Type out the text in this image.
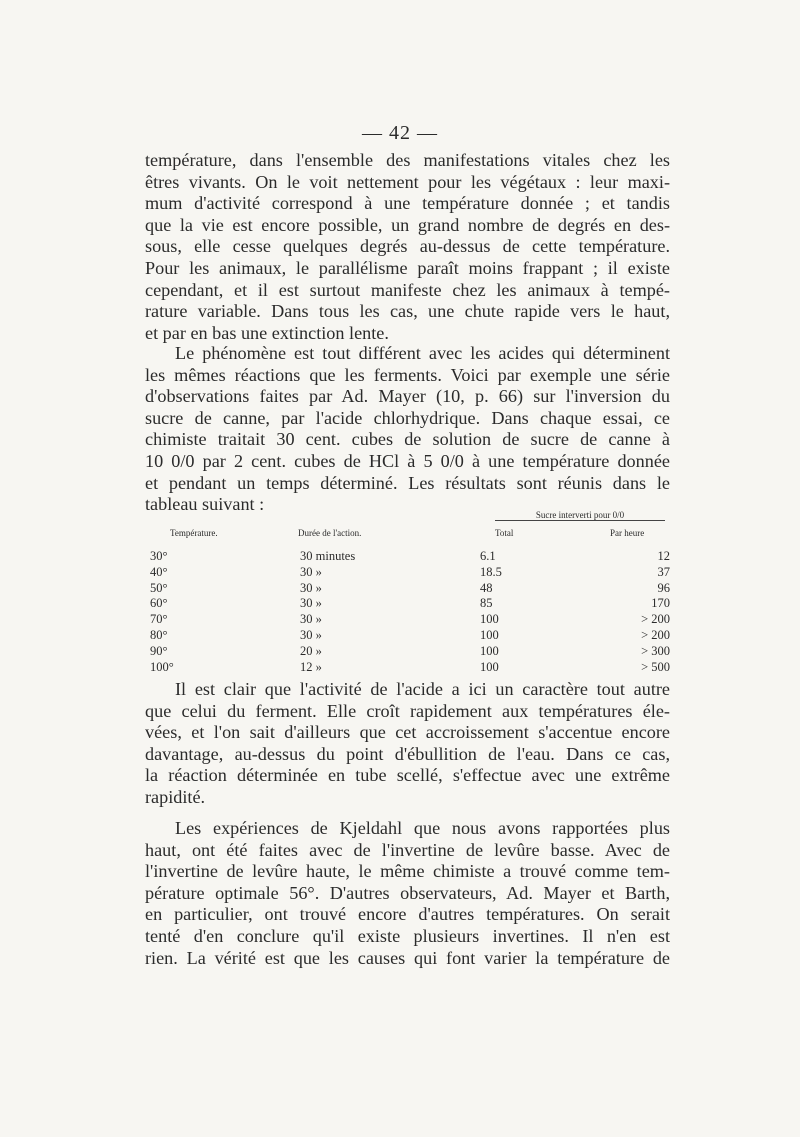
— 42 —
température, dans l'ensemble des manifestations vitales chez les
êtres vivants. On le voit nettement pour les végétaux : leur maxi-
mum d'activité correspond à une température donnée ; et tandis
que la vie est encore possible, un grand nombre de degrés en des-
sous, elle cesse quelques degrés au-dessus de cette température.
Pour les animaux, le parallélisme paraît moins frappant ; il existe
cependant, et il est surtout manifeste chez les animaux à tempé-
rature variable. Dans tous les cas, une chute rapide vers le haut,
et par en bas une extinction lente.
Le phénomène est tout différent avec les acides qui déterminent
les mêmes réactions que les ferments. Voici par exemple une série
d'observations faites par Ad. Mayer (10, p. 66) sur l'inversion du
sucre de canne, par l'acide chlorhydrique. Dans chaque essai, ce
chimiste traitait 30 cent. cubes de solution de sucre de canne à
10 0/0 par 2 cent. cubes de HCl à 5 0/0 à une température donnée
et pendant un temps déterminé. Les résultats sont réunis dans le
tableau suivant :
Sucre interverti pour 0/0
Température.	Durée de l'action.	Total	Par heure
30°	30 minutes	6.1	12
40°	30 »	18.5	37
50°	30 »	48	96
60°	30 »	85	170
70°	30 »	100	> 200
80°	30 »	100	> 200
90°	20 »	100	> 300
100°	12 »	100	> 500
Il est clair que l'activité de l'acide a ici un caractère tout autre
que celui du ferment. Elle croît rapidement aux températures éle-
vées, et l'on sait d'ailleurs que cet accroissement s'accentue encore
davantage, au-dessus du point d'ébullition de l'eau. Dans ce cas,
la réaction déterminée en tube scellé, s'effectue avec une extrême
rapidité.
Les expériences de Kjeldahl que nous avons rapportées plus
haut, ont été faites avec de l'invertine de levûre basse. Avec de
l'invertine de levûre haute, le même chimiste a trouvé comme tem-
pérature optimale 56°. D'autres observateurs, Ad. Mayer et Barth,
en particulier, ont trouvé encore d'autres températures. On serait
tenté d'en conclure qu'il existe plusieurs invertines. Il n'en est
rien. La vérité est que les causes qui font varier la température de
